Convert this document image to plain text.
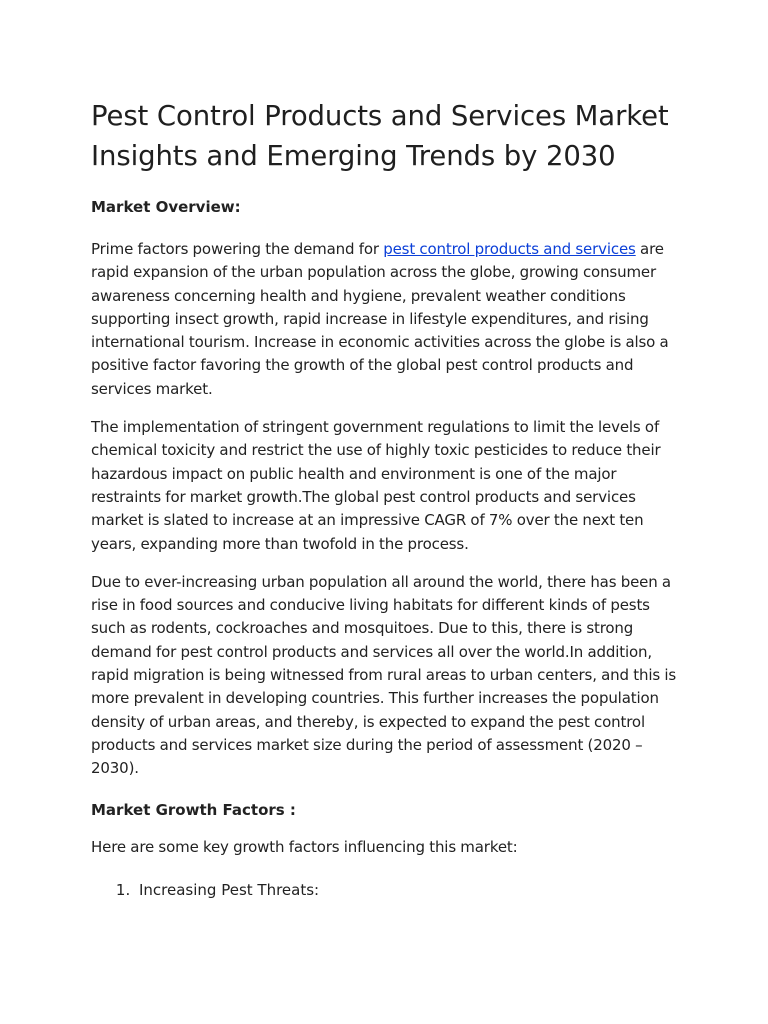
Pest Control Products and Services Market Insights and Emerging Trends by 2030
Market Overview:

Prime factors powering the demand for pest control products and services are rapid expansion of the urban population across the globe, growing consumer awareness concerning health and hygiene, prevalent weather conditions supporting insect growth, rapid increase in lifestyle expenditures, and rising international tourism. Increase in economic activities across the globe is also a positive factor favoring the growth of the global pest control products and services market.

The implementation of stringent government regulations to limit the levels of chemical toxicity and restrict the use of highly toxic pesticides to reduce their hazardous impact on public health and environment is one of the major restraints for market growth.The global pest control products and services market is slated to increase at an impressive CAGR of 7% over the next ten years, expanding more than twofold in the process.

Due to ever-increasing urban population all around the world, there has been a rise in food sources and conducive living habitats for different kinds of pests such as rodents, cockroaches and mosquitoes. Due to this, there is strong demand for pest control products and services all over the world.In addition, rapid migration is being witnessed from rural areas to urban centers, and this is more prevalent in developing countries. This further increases the population density of urban areas, and thereby, is expected to expand the pest control products and services market size during the period of assessment (2020 – 2030).

Market Growth Factors :

Here are some key growth factors influencing this market:

1. Increasing Pest Threats:
